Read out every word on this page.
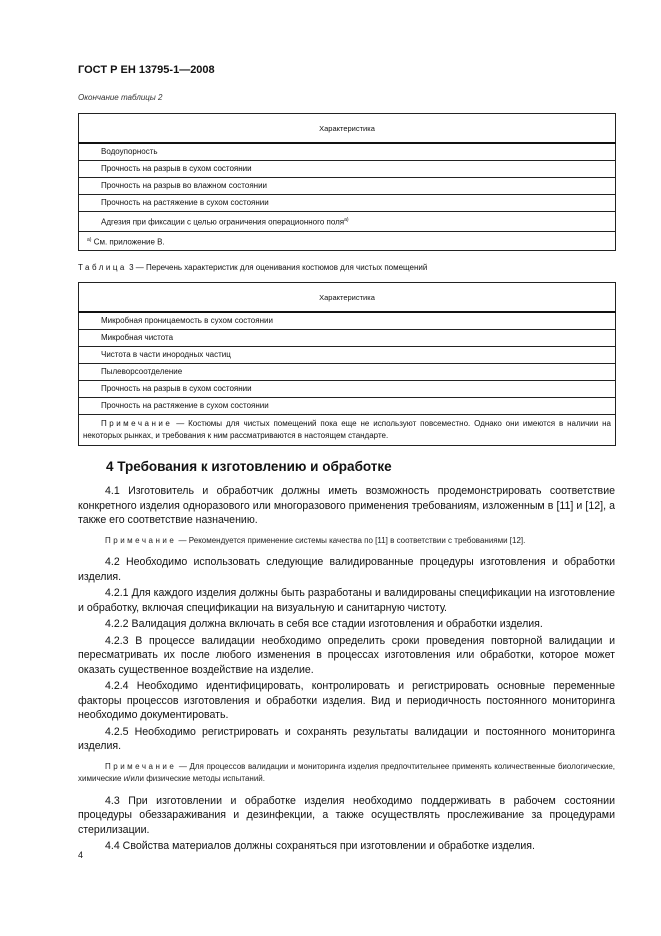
ГОСТ Р ЕН 13795-1—2008
Окончание таблицы 2
Характеристика
Водоупорность
Прочность на разрыв в сухом состоянии
Прочность на разрыв во влажном состоянии
Прочность на растяжение в сухом состоянии
Адгезия при фиксации с целью ограничения операционного поля$^{а)}$
$^{а)}$ См. приложение В.
Таблица 3 — Перечень характеристик для оценивания костюмов для чистых помещений
Характеристика
Микробная проницаемость в сухом состоянии
Микробная чистота
Чистота в части инородных частиц
Пылеворсоотделение
Прочность на разрыв в сухом состоянии
Прочность на растяжение в сухом состоянии
Примечание — Костюмы для чистых помещений пока еще не используют повсеместно. Однако они имеются в наличии на некоторых рынках, и требования к ним рассматриваются в настоящем стандарте.
4 Требования к изготовлению и обработке

4.1 Изготовитель и обработчик должны иметь возможность продемонстрировать соответствие конкретного изделия одноразового или многоразового применения требованиям, изложенным в [11] и [12], а также его соответствие назначению.

Примечание — Рекомендуется применение системы качества по [11] в соответствии с требованиями [12].

4.2 Необходимо использовать следующие валидированные процедуры изготовления и обработки изделия.

4.2.1 Для каждого изделия должны быть разработаны и валидированы спецификации на изготовление и обработку, включая спецификации на визуальную и санитарную чистоту.

4.2.2 Валидация должна включать в себя все стадии изготовления и обработки изделия.

4.2.3 В процессе валидации необходимо определить сроки проведения повторной валидации и пересматривать их после любого изменения в процессах изготовления или обработки, которое может оказать существенное воздействие на изделие.

4.2.4 Необходимо идентифицировать, контролировать и регистрировать основные переменные факторы процессов изготовления и обработки изделия. Вид и периодичность постоянного мониторинга необходимо документировать.

4.2.5 Необходимо регистрировать и сохранять результаты валидации и постоянного мониторинга изделия.

Примечание — Для процессов валидации и мониторинга изделия предпочтительнее применять количественные биологические, химические и/или физические методы испытаний.

4.3 При изготовлении и обработке изделия необходимо поддерживать в рабочем состоянии процедуры обеззараживания и дезинфекции, а также осуществлять прослеживание за процедурами стерилизации.

4.4 Свойства материалов должны сохраняться при изготовлении и обработке изделия.

4
